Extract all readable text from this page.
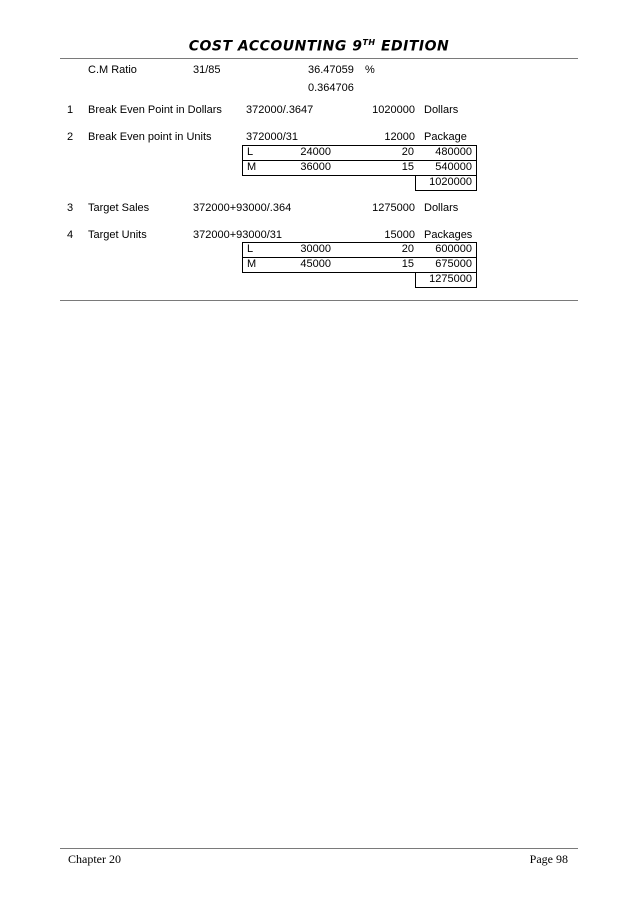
COST ACCOUNTING 9TH EDITION
C.M Ratio	31/85	36.47059 %
0.364706
1 Break Even Point in Dollars 372000/.3647	1020000 Dollars
2 Break Even point in Units	372000/31	12000 Package
L	24000	20 480000
M	36000	15 540000
1020000
3 Target Sales	372000+93000/.364	1275000 Dollars
4 Target Units	372000+93000/31	15000 Packages
L	30000	20 600000
M	45000	15 675000
1275000
Chapter 20	Page 98
